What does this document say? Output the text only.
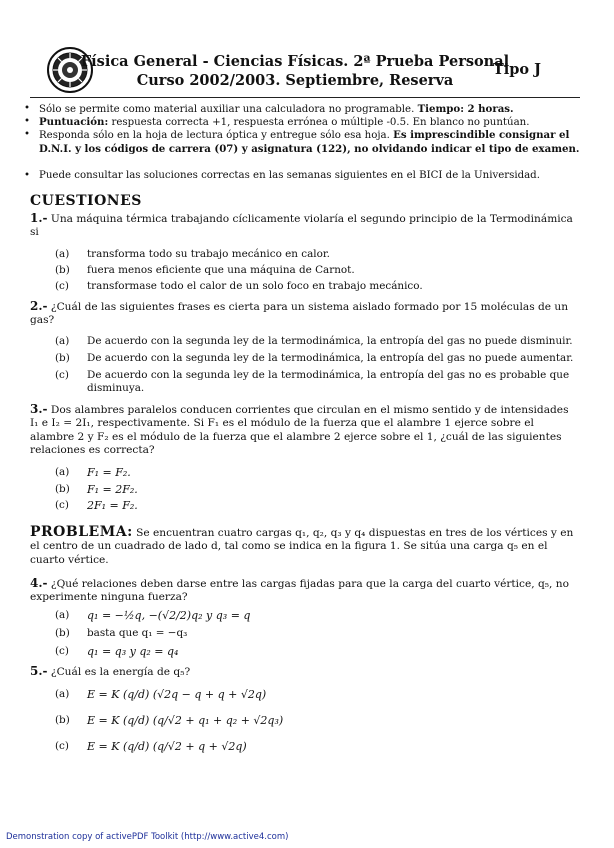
Física General - Ciencias Físicas. 2ª Prueba Personal
Curso 2002/2003. Septiembre, Reserva
Tipo J
• Sólo se permite como material auxiliar una calculadora no programable. Tiempo: 2 horas.
• Puntuación: respuesta correcta +1, respuesta errónea o múltiple -0.5. En blanco no puntúan.
• Responda sólo en la hoja de lectura óptica y entregue sólo esa hoja. Es imprescindible consignar el D.N.I. y los códigos de carrera (07) y asignatura (122), no olvidando indicar el tipo de examen.
• Puede consultar las soluciones correctas en las semanas siguientes en el BICI de la Universidad.
CUESTIONES
1.- Una máquina térmica trabajando cíclicamente violaría el segundo principio de la Termodinámica si
(a)	transforma todo su trabajo mecánico en calor.
(b)	fuera menos eficiente que una máquina de Carnot.
(c)	transformase todo el calor de un solo foco en trabajo mecánico.
2.- ¿Cuál de las siguientes frases es cierta para un sistema aislado formado por 15 moléculas de un gas?
(a)	De acuerdo con la segunda ley de la termodinámica, la entropía del gas no puede disminuir.
(b)	De acuerdo con la segunda ley de la termodinámica, la entropía del gas no puede aumentar.
(c)	De acuerdo con la segunda ley de la termodinámica, la entropía del gas no es probable que disminuya.
3.- Dos alambres paralelos conducen corrientes que circulan en el mismo sentido y de intensidades I₁ e I₂ = 2I₁, respectivamente. Si F₁ es el módulo de la fuerza que el alambre 1 ejerce sobre el alambre 2 y F₂ es el módulo de la fuerza que el alambre 2 ejerce sobre el 1, ¿cuál de las siguientes relaciones es correcta?
(a)	F₁ = F₂.
(b)	F₁ = 2F₂.
(c)	2F₁ = F₂.
PROBLEMA: Se encuentran cuatro cargas q₁, q₂, q₃ y q₄ dispuestas en tres de los vértices y en el centro de un cuadrado de lado d, tal como se indica en la figura 1. Se sitúa una carga q₅ en el cuarto vértice.
4.- ¿Qué relaciones deben darse entre las cargas fijadas para que la carga del cuarto vértice, q₅, no experimente ninguna fuerza?
(a)	q₁ = −½q, −(√2/2)q₂ y q₃ = q
(b)	basta que q₁ = −q₃
(c)	q₁ = q₃ y q₂ = q₄
5.- ¿Cuál es la energía de q₅?
(a)	E = K (q/d) (√2q − q + q + √2q)
(b)	E = K (q/d) (q/√2 + q₁ + q₂ + √2q₃)
(c)	E = K (q/d) (q/√2 + q + √2q)
Demonstration copy of activePDF Toolkit (http://www.active4.com)
